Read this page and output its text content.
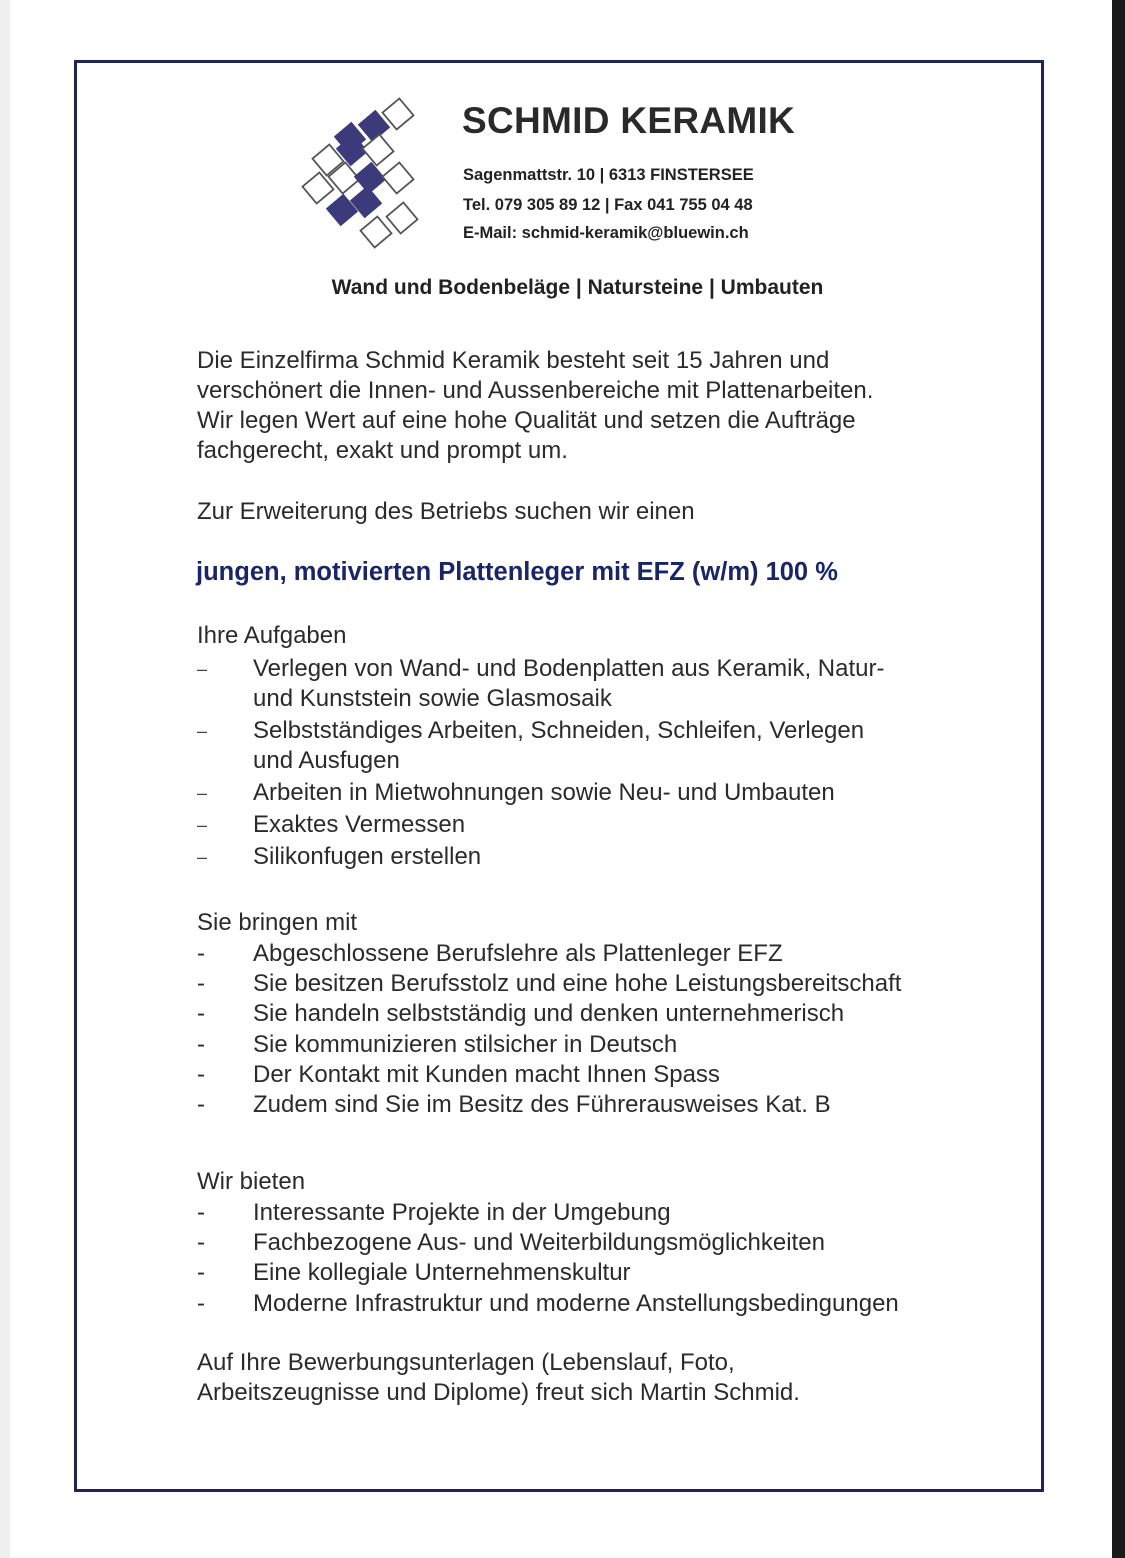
SCHMID KERAMIK
Sagenmattstr. 10 | 6313 FINSTERSEE
Tel. 079 305 89 12 | Fax 041 755 04 48
E-Mail: schmid-keramik@bluewin.ch
Wand und Bodenbeläge | Natursteine | Umbauten
Die Einzelfirma Schmid Keramik besteht seit 15 Jahren und
verschönert die Innen- und Aussenbereiche mit Plattenarbeiten.
Wir legen Wert auf eine hohe Qualität und setzen die Aufträge
fachgerecht, exakt und prompt um.
Zur Erweiterung des Betriebs suchen wir einen
jungen, motivierten Plattenleger mit EFZ (w/m) 100 %
Ihre Aufgaben
– Verlegen von Wand- und Bodenplatten aus Keramik, Natur-
und Kunststein sowie Glasmosaik
– Selbstständiges Arbeiten, Schneiden, Schleifen, Verlegen
und Ausfugen
– Arbeiten in Mietwohnungen sowie Neu- und Umbauten
– Exaktes Vermessen
– Silikonfugen erstellen
Sie bringen mit
- Abgeschlossene Berufslehre als Plattenleger EFZ
- Sie besitzen Berufsstolz und eine hohe Leistungsbereitschaft
- Sie handeln selbstständig und denken unternehmerisch
- Sie kommunizieren stilsicher in Deutsch
- Der Kontakt mit Kunden macht Ihnen Spass
- Zudem sind Sie im Besitz des Führerausweises Kat. B
Wir bieten
- Interessante Projekte in der Umgebung
- Fachbezogene Aus- und Weiterbildungsmöglichkeiten
- Eine kollegiale Unternehmenskultur
- Moderne Infrastruktur und moderne Anstellungsbedingungen
Auf Ihre Bewerbungsunterlagen (Lebenslauf, Foto,
Arbeitszeugnisse und Diplome) freut sich Martin Schmid.
